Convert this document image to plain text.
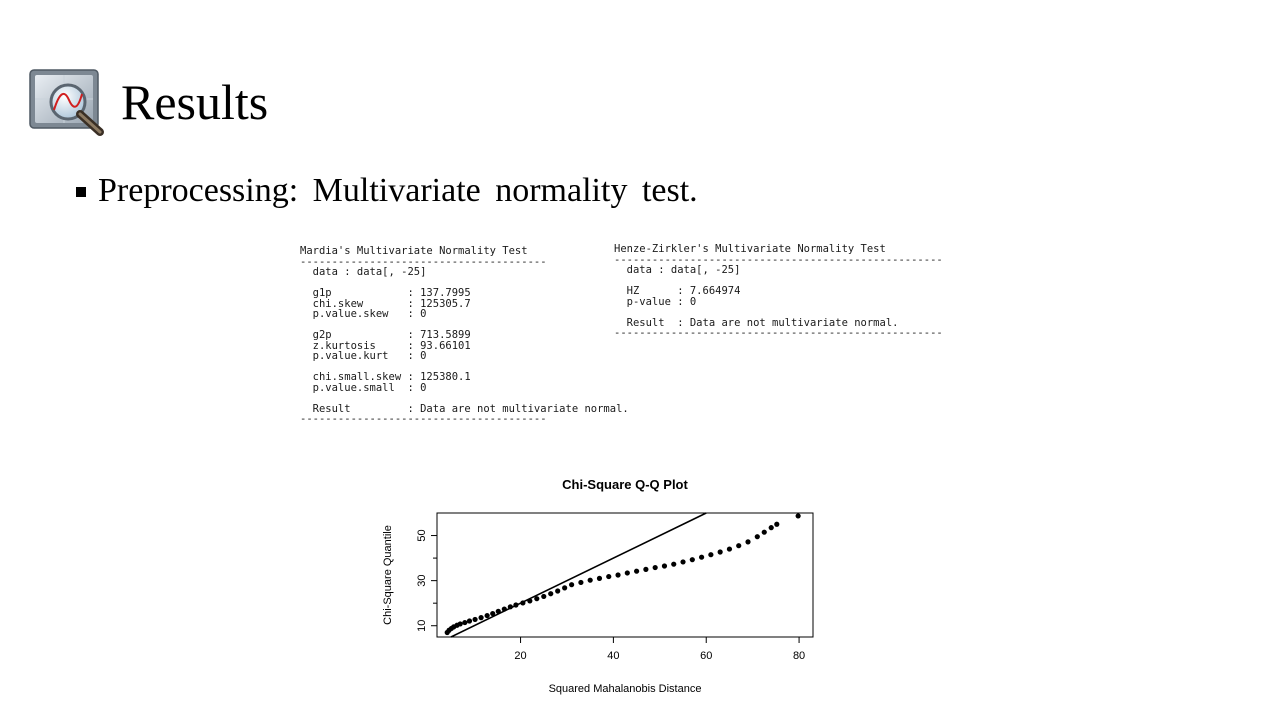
Results
Preprocessing: Multivariate normality test.
Mardia's Multivariate Normality Test
---------------------------------------
data : data[, -25]

g1p            : 137.7995
chi.skew       : 125305.7
p.value.skew   : 0

g2p            : 713.5899
z.kurtosis     : 93.66101
p.value.kurt   : 0

chi.small.skew : 125380.1
p.value.small  : 0

Result         : Data are not multivariate normal.
---------------------------------------
Henze-Zirkler's Multivariate Normality Test
----------------------------------------------------
data : data[, -25]

HZ      : 7.664974
p-value : 0

Result  : Data are not multivariate normal.
----------------------------------------------------
Chi-Square Q-Q Plot
Squared Mahalanobis Distance
Chi-Square Quantile
20	40	60	80
10
30
50
